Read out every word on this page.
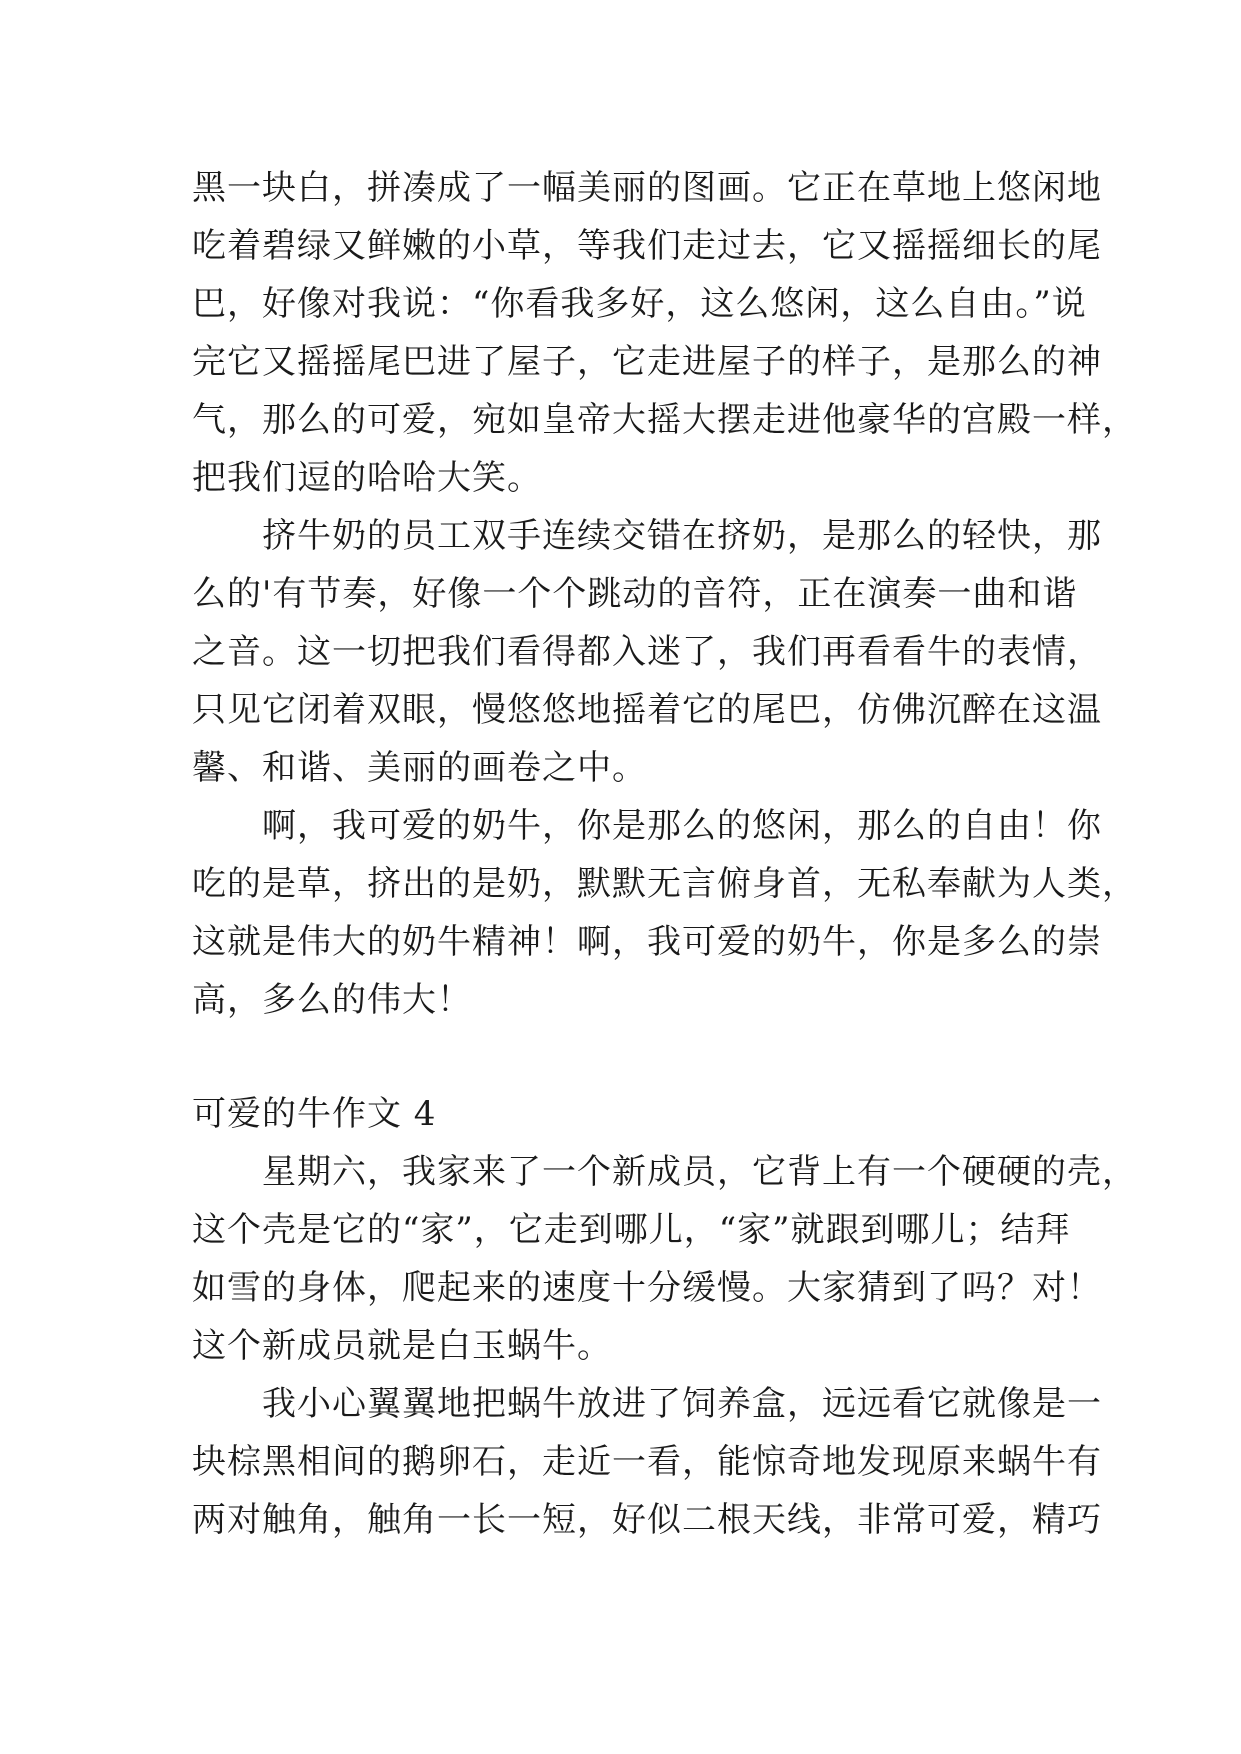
黑一块白，拼凑成了一幅美丽的图画。它正在草地上悠闲地
吃着碧绿又鲜嫩的小草，等我们走过去，它又摇摇细长的尾
巴，好像对我说：“你看我多好，这么悠闲，这么自由。”说
完它又摇摇尾巴进了屋子，它走进屋子的样子，是那么的神
气，那么的可爱，宛如皇帝大摇大摆走进他豪华的宫殿一样，
把我们逗的哈哈大笑。
　　挤牛奶的员工双手连续交错在挤奶，是那么的轻快，那
么的'有节奏，好像一个个跳动的音符，正在演奏一曲和谐
之音。这一切把我们看得都入迷了，我们再看看牛的表情，
只见它闭着双眼，慢悠悠地摇着它的尾巴，仿佛沉醉在这温
馨、和谐、美丽的画卷之中。
　　啊，我可爱的奶牛，你是那么的悠闲，那么的自由！你
吃的是草，挤出的是奶，默默无言俯身首，无私奉献为人类，
这就是伟大的奶牛精神！啊，我可爱的奶牛，你是多么的崇
高，多么的伟大！
可爱的牛作文 4
　　星期六，我家来了一个新成员，它背上有一个硬硬的壳，
这个壳是它的“家”，它走到哪儿，“家”就跟到哪儿；结拜
如雪的身体，爬起来的速度十分缓慢。大家猜到了吗？对！
这个新成员就是白玉蜗牛。
　　我小心翼翼地把蜗牛放进了饲养盒，远远看它就像是一
块棕黑相间的鹅卵石，走近一看，能惊奇地发现原来蜗牛有
两对触角，触角一长一短，好似二根天线，非常可爱，精巧
